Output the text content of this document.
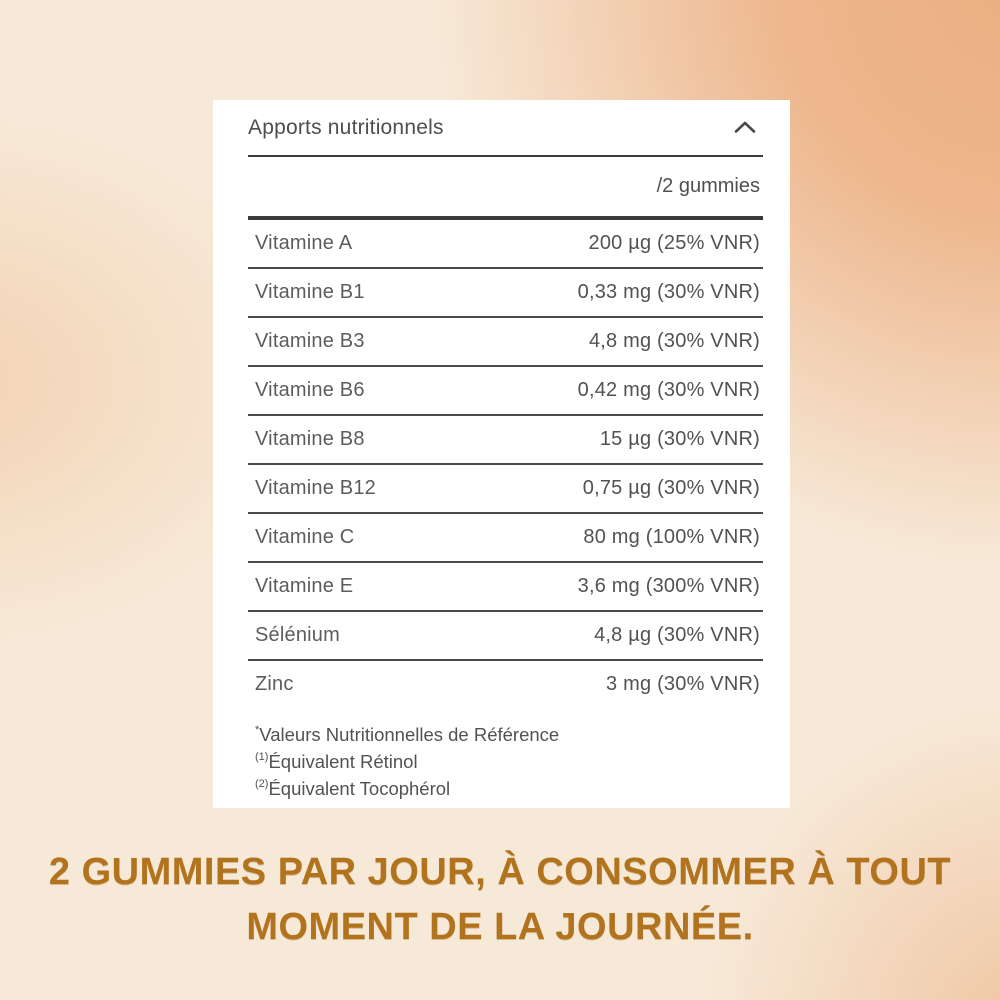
Apports nutritionnels
/2 gummies
Vitamine A	200 µg (25% VNR)
Vitamine B1	0,33 mg (30% VNR)
Vitamine B3	4,8 mg (30% VNR)
Vitamine B6	0,42 mg (30% VNR)
Vitamine B8	15 µg (30% VNR)
Vitamine B12	0,75 µg (30% VNR)
Vitamine C	80 mg (100% VNR)
Vitamine E	3,6 mg (300% VNR)
Sélénium	4,8 µg (30% VNR)
Zinc	3 mg (30% VNR)
*Valeurs Nutritionnelles de Référence
$^{(1)}$Équivalent Rétinol
$^{(2)}$Équivalent Tocophérol
2 GUMMIES PAR JOUR, À CONSOMMER À TOUT
MOMENT DE LA JOURNÉE.
